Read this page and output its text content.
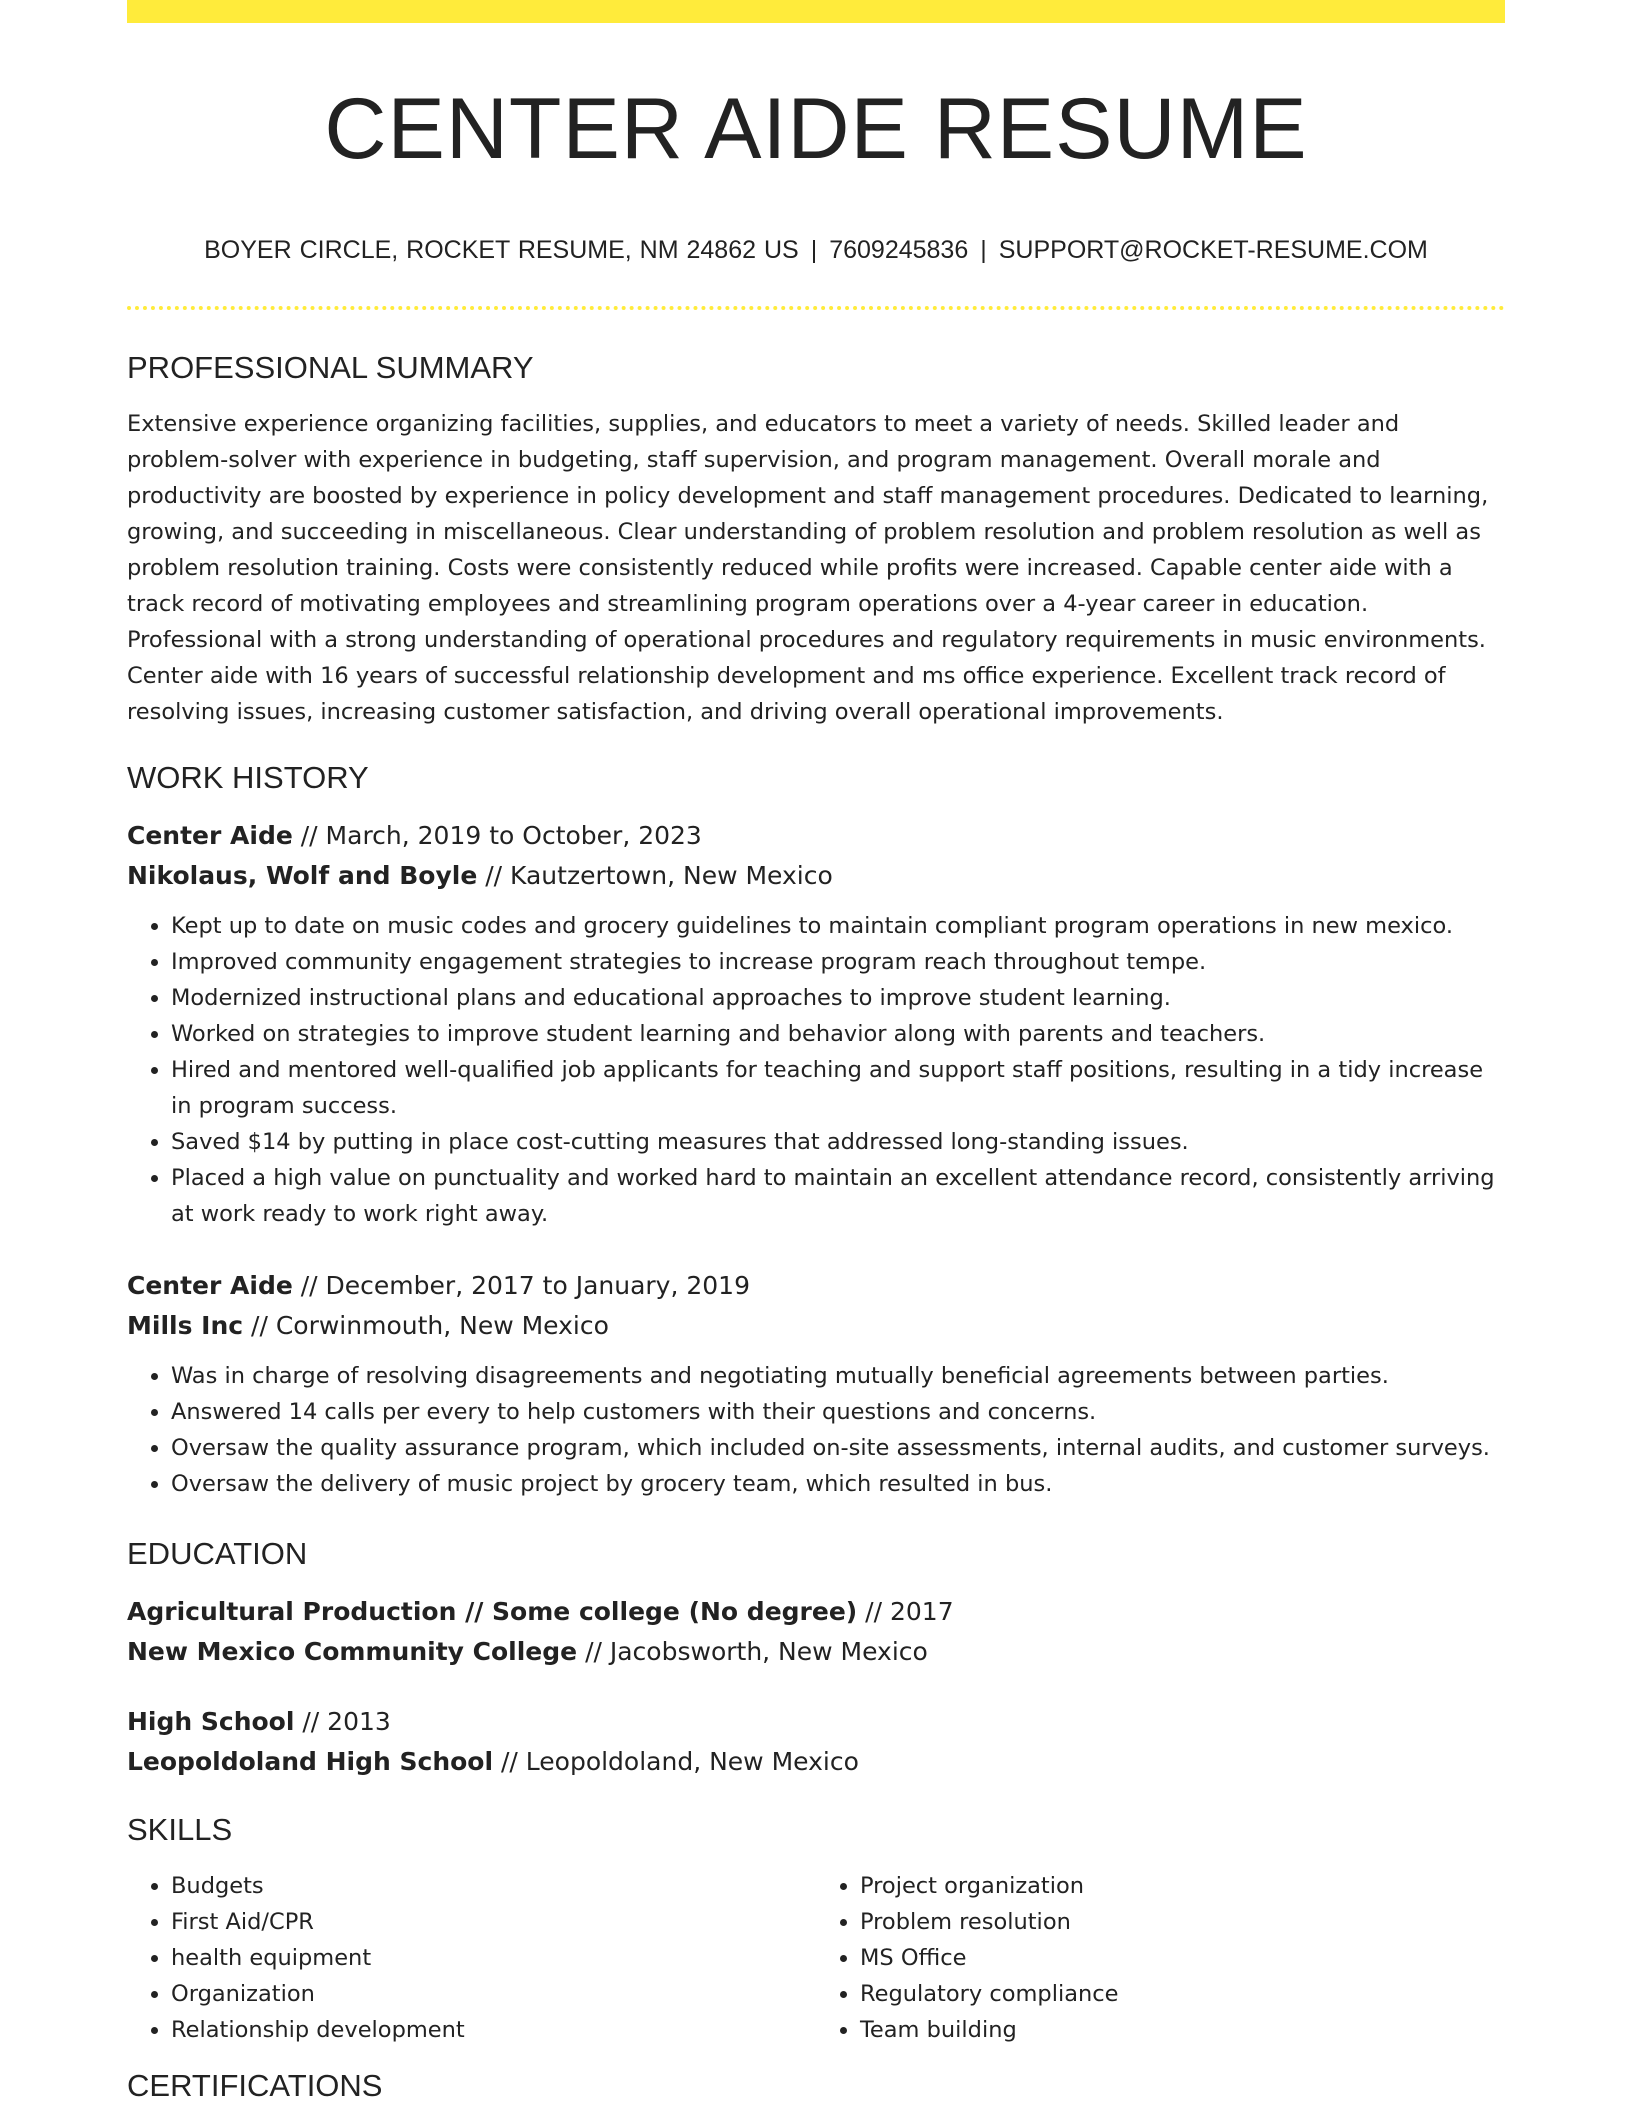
CENTER AIDE RESUME
BOYER CIRCLE, ROCKET RESUME, NM 24862 US | 7609245836 | SUPPORT@ROCKET-RESUME.COM
PROFESSIONAL SUMMARY

Extensive experience organizing facilities, supplies, and educators to meet a variety of needs. Skilled leader and problem-solver with experience in budgeting, staff supervision, and program management. Overall morale and productivity are boosted by experience in policy development and staff management procedures. Dedicated to learning, growing, and succeeding in miscellaneous. Clear understanding of problem resolution and problem resolution as well as problem resolution training. Costs were consistently reduced while profits were increased. Capable center aide with a track record of motivating employees and streamlining program operations over a 4-year career in education. Professional with a strong understanding of operational procedures and regulatory requirements in music environments. Center aide with 16 years of successful relationship development and ms office experience. Excellent track record of resolving issues, increasing customer satisfaction, and driving overall operational improvements.

WORK HISTORY

Center Aide // March, 2019 to October, 2023

Nikolaus, Wolf and Boyle // Kautzertown, New Mexico

• Kept up to date on music codes and grocery guidelines to maintain compliant program operations in new mexico.
• Improved community engagement strategies to increase program reach throughout tempe.
• Modernized instructional plans and educational approaches to improve student learning.
• Worked on strategies to improve student learning and behavior along with parents and teachers.
• Hired and mentored well-qualified job applicants for teaching and support staff positions, resulting in a tidy increase in program success.
• Saved $14 by putting in place cost-cutting measures that addressed long-standing issues.
• Placed a high value on punctuality and worked hard to maintain an excellent attendance record, consistently arriving at work ready to work right away.

Center Aide // December, 2017 to January, 2019

Mills Inc // Corwinmouth, New Mexico

• Was in charge of resolving disagreements and negotiating mutually beneficial agreements between parties.
• Answered 14 calls per every to help customers with their questions and concerns.
• Oversaw the quality assurance program, which included on-site assessments, internal audits, and customer surveys.
• Oversaw the delivery of music project by grocery team, which resulted in bus.
EDUCATION

Agricultural Production // Some college (No degree) // 2017

New Mexico Community College // Jacobsworth, New Mexico

High School // 2013

Leopoldoland High School // Leopoldoland, New Mexico

SKILLS
• Budgets
• First Aid/CPR
• health equipment
• Organization
• Relationship development
• Project organization
• Problem resolution
• MS Office
• Regulatory compliance
• Team building
CERTIFICATIONS
